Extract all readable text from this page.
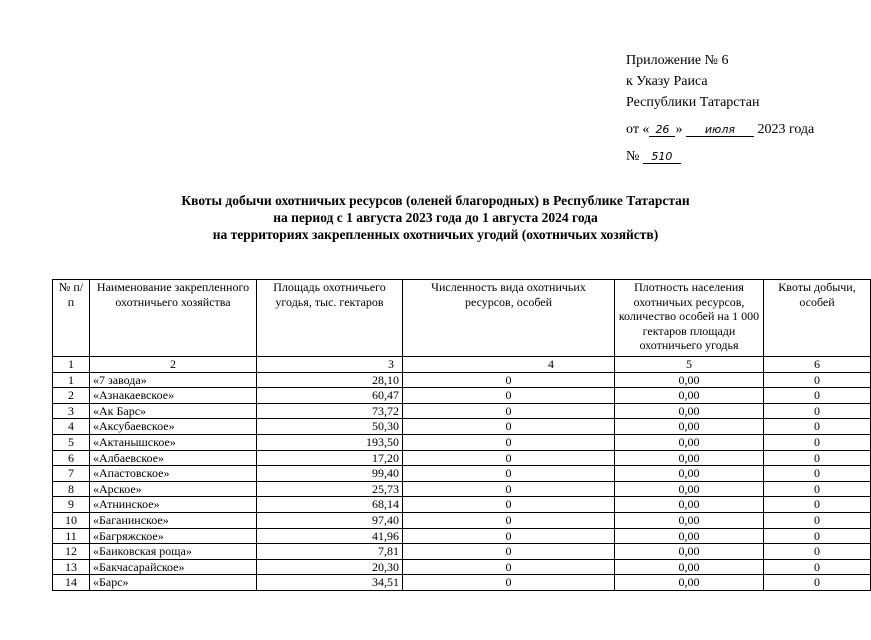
Приложение № 6
к Указу Раиса
Республики Татарстан
от « 26 » июля 2023 года
№ 510
Квоты добычи охотничьих ресурсов (оленей благородных) в Республике Татарстан
на период с 1 августа 2023 года до 1 августа 2024 года
на территориях закрепленных охотничьих угодий (охотничьих хозяйств)
№ п/п	Наименование закрепленного охотничьего хозяйства	Площадь охотничьего угодья, тыс. гектаров	Численность вида охотничьих ресурсов, особей	Плотность населения охотничьих ресурсов, количество особей на 1 000 гектаров площади охотничьего угодья	Квоты добычи, особей
1	2	3	4	5	6
1	«7 завода»	28,10	0	0,00	0
2	«Азнакаевское»	60,47	0	0,00	0
3	«Ак Барс»	73,72	0	0,00	0
4	«Аксубаевское»	50,30	0	0,00	0
5	«Актанышское»	193,50	0	0,00	0
6	«Албаевское»	17,20	0	0,00	0
7	«Апастовское»	99,40	0	0,00	0
8	«Арское»	25,73	0	0,00	0
9	«Атнинское»	68,14	0	0,00	0
10	«Баганинское»	97,40	0	0,00	0
11	«Багряжское»	41,96	0	0,00	0
12	«Баиковская роща»	7,81	0	0,00	0
13	«Бакчасарайское»	20,30	0	0,00	0
14	«Барс»	34,51	0	0,00	0
